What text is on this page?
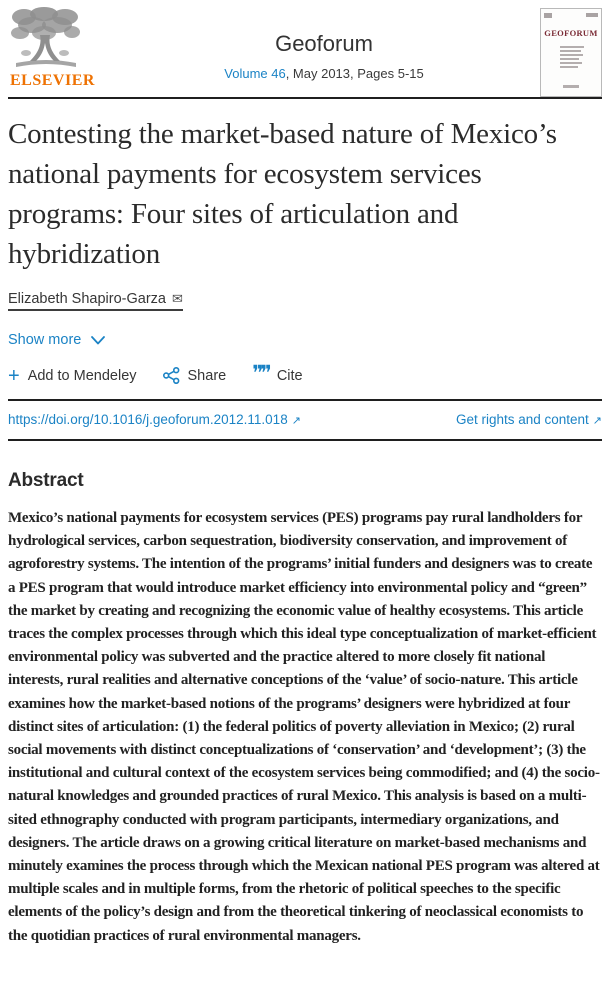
ELSEVIER
Geoforum
Volume 46, May 2013, Pages 5-15
GEOFORUM
Contesting the market-based nature of Mexico’s national payments for ecosystem services programs: Four sites of articulation and hybridization
Elizabeth Shapiro-Garza ✉
Show more
+ Add to Mendeley	Share ❞❞ Cite
https://doi.org/10.1016/j.geoforum.2012.11.018 ↗	Get rights and content ↗
Abstract

Mexico’s national payments for ecosystem services (PES) programs pay rural landholders for hydrological services, carbon sequestration, biodiversity conservation, and improvement of agroforestry systems. The intention of the programs’ initial funders and designers was to create a PES program that would introduce market efficiency into environmental policy and “green” the market by creating and recognizing the economic value of healthy ecosystems. This article traces the complex processes through which this ideal type conceptualization of market-efficient environmental policy was subverted and the practice altered to more closely fit national interests, rural realities and alternative conceptions of the ‘value’ of socio-nature. This article examines how the market-based notions of the programs’ designers were hybridized at four distinct sites of articulation: (1) the federal politics of poverty alleviation in Mexico; (2) rural social movements with distinct conceptualizations of ‘conservation’ and ‘development’; (3) the institutional and cultural context of the ecosystem services being commodified; and (4) the socio-natural knowledges and grounded practices of rural Mexico. This analysis is based on a multi-sited ethnography conducted with program participants, intermediary organizations, and designers. The article draws on a growing critical literature on market-based mechanisms and minutely examines the process through which the Mexican national PES program was altered at multiple scales and in multiple forms, from the rhetoric of political speeches to the specific elements of the policy’s design and from the theoretical tinkering of neoclassical economists to the quotidian practices of rural environmental managers.
